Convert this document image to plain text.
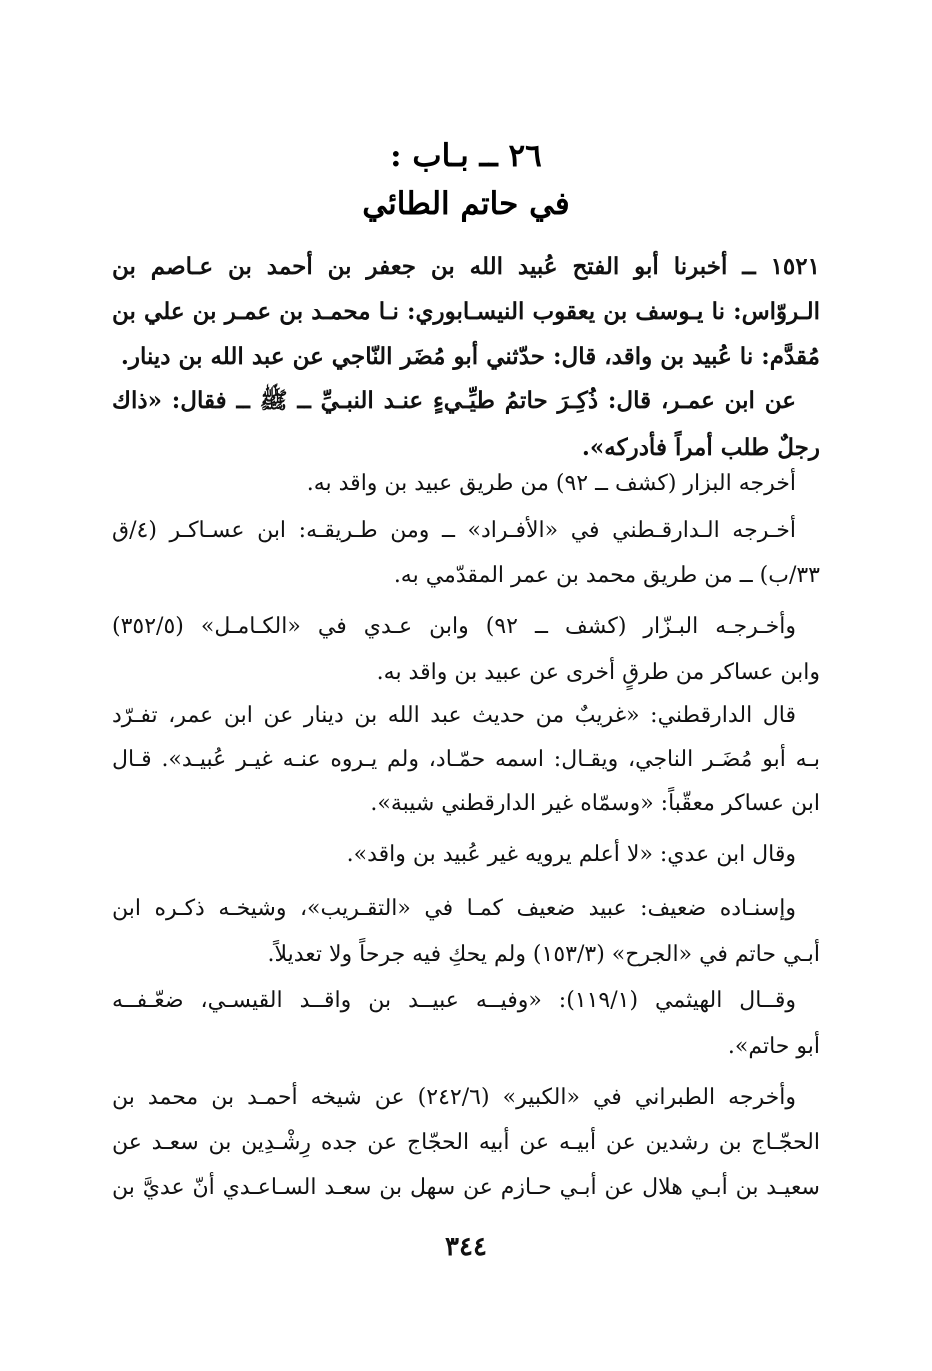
٢٦ ــ بـاب :
في حاتم الطائي
١٥٢١ ــ أخبرنا أبو الفتح عُبيد الله بن جعفر بن أحمد بن عـاصم بن
الـروّاس: نا يـوسف بن يعقوب النيسـابوري: نـا محمـد بن عمـر بن علي بن
مُقدَّم: نا عُبيد بن واقد، قال: حدّثني أبو مُضَر النّاجي عن عبد الله بن دينار.
عن ابن عمـر، قال: ذُكِـرَ حاتمُ طيِّـيءٍ عنـد النبـيِّ ــ ﷺ ــ فقال: «ذاك
رجلٌ طلب أمراً فأدركه».
أخرجه البزار (كشف ــ ٩٢) من طريق عبيد بن واقد به.
أخـرجه الـدارقـطني في «الأفـراد» ــ ومن طـريقـه: ابن عسـاكـر (٤/ق
٣٣/ب) ــ من طريق محمد بن عمر المقدّمي به.
وأخـرجـه البـزّار (كشف ــ ٩٢) وابن عـدي في «الكـامـل» (٣٥٢/٥)
وابن عساكر من طرقٍ أخرى عن عبيد بن واقد به.
قال الدارقطني: «غريبٌ من حديث عبد الله بن دينار عن ابن عمر، تفـرّد
بـه أبو مُضَـر الناجي، ويقـال: اسمه حمّـاد، ولم يـروه عنـه غيـر عُبيـد». قـال
ابن عساكر معقّباً: «وسمّاه غير الدارقطني شيبة».
وقال ابن عدي: «لا أعلم يرويه غير عُبيد بن واقد».
وإسنـاده ضعيف: عبيد ضعيف كمـا في «التقـريب»، وشيخـه ذكـره ابن
أبـي حاتم في «الجرح» (١٥٣/٣) ولم يحكِ فيه جرحاً ولا تعديلاً.
وقــال الهيثمي (١١٩/١): «وفيــه عبيــد بن واقــد القيسـي، ضعّـفــه
أبو حاتم».
وأخرجه الطبراني في «الكبير» (٢٤٢/٦) عن شيخه أحمـد بن محمد بن
الحجّـاج بن رشدين عن أبيـه عن أبيه الحجّاج عن جده رِشْـدِين بن سعـد عن
سعيـد بن أبـي هلال عن أبـي حـازم عن سهل بن سعـد السـاعـدي أنّ عديَّ بن
٣٤٤
